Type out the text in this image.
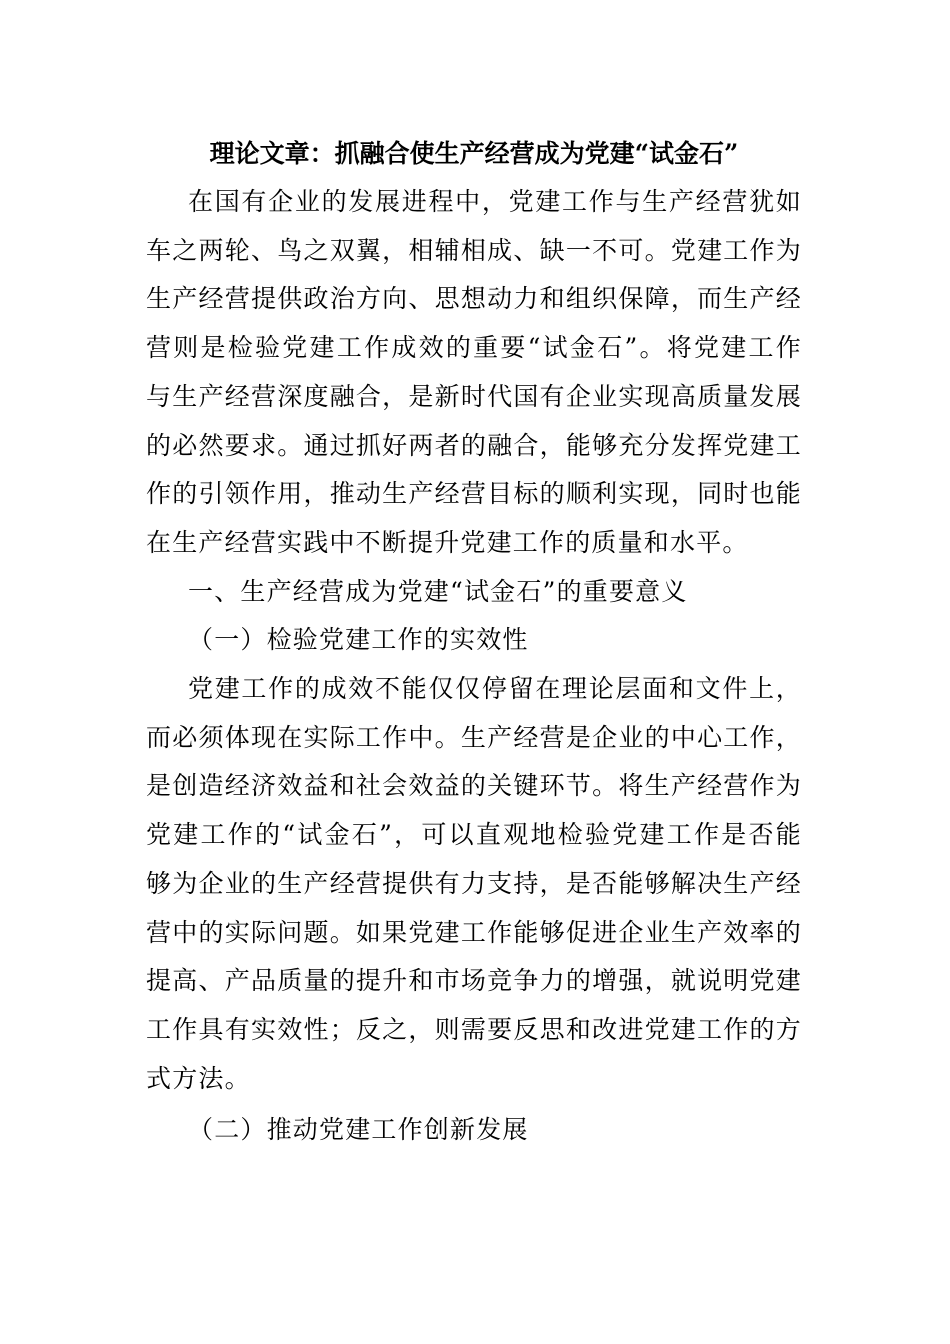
理论文章：抓融合使生产经营成为党建“试金石”

在国有企业的发展进程中，党建工作与生产经营犹如车之两轮、鸟之双翼，相辅相成、缺一不可。党建工作为生产经营提供政治方向、思想动力和组织保障，而生产经营则是检验党建工作成效的重要“试金石”。将党建工作与生产经营深度融合，是新时代国有企业实现高质量发展的必然要求。通过抓好两者的融合，能够充分发挥党建工作的引领作用，推动生产经营目标的顺利实现，同时也能在生产经营实践中不断提升党建工作的质量和水平。

一、生产经营成为党建“试金石”的重要意义

（一）检验党建工作的实效性

党建工作的成效不能仅仅停留在理论层面和文件上，而必须体现在实际工作中。生产经营是企业的中心工作，是创造经济效益和社会效益的关键环节。将生产经营作为党建工作的“试金石”，可以直观地检验党建工作是否能够为企业的生产经营提供有力支持，是否能够解决生产经营中的实际问题。如果党建工作能够促进企业生产效率的提高、产品质量的提升和市场竞争力的增强，就说明党建工作具有实效性；反之，则需要反思和改进党建工作的方式方法。

（二）推动党建工作创新发展
